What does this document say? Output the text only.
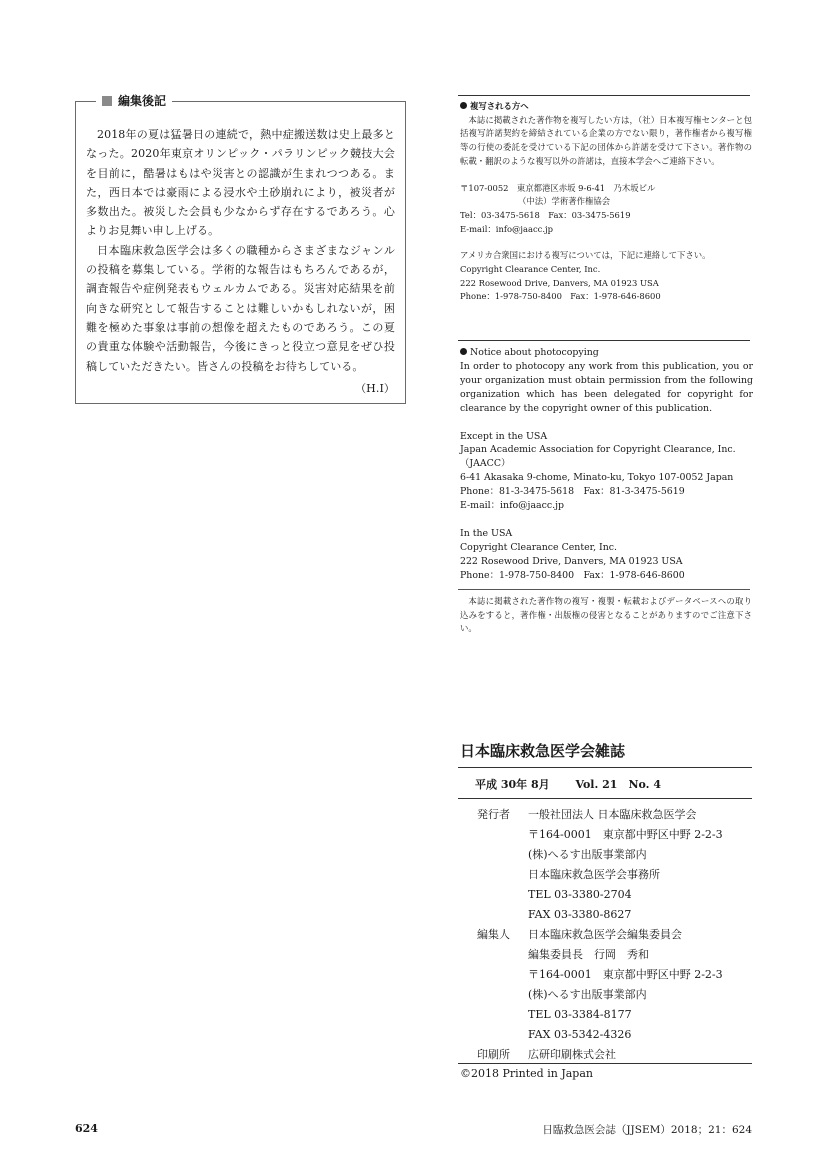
編集後記

2018年の夏は猛暑日の連続で，熱中症搬送数は史上最多となった。2020年東京オリンピック・パラリンピック競技大会を目前に，酷暑はもはや災害との認識が生まれつつある。また，西日本では豪雨による浸水や土砂崩れにより，被災者が多数出た。被災した会員も少なからず存在するであろう。心よりお見舞い申し上げる。

日本臨床救急医学会は多くの職種からさまざまなジャンルの投稿を募集している。学術的な報告はもちろんであるが，調査報告や症例発表もウェルカムである。災害対応結果を前向きな研究として報告することは難しいかもしれないが，困難を極めた事象は事前の想像を超えたものであろう。この夏の貴重な体験や活動報告，今後にきっと役立つ意見をぜひ投稿していただきたい。皆さんの投稿をお待ちしている。

（H.I）
複写される方へ
本誌に掲載された著作物を複写したい方は，（社）日本複写権センターと包括複写許諾契約を締結されている企業の方でない限り，著作権者から複写権等の行使の委託を受けている下記の団体から許諾を受けて下さい。著作物の転載・翻訳のような複写以外の許諾は，直接本学会へご連絡下さい。
〒107-0052　東京都港区赤坂 9-6-41　乃木坂ビル
（中法）学術著作権協会
Tel：03-3475-5618　Fax：03-3475-5619
E-mail：info@jaacc.jp
アメリカ合衆国における複写については，下記に連絡して下さい。
Copyright Clearance Center, Inc.
222 Rosewood Drive, Danvers, MA 01923 USA
Phone：1-978-750-8400　Fax：1-978-646-8600
Notice about photocopying
In order to photocopy any work from this publication, you or your organization must obtain permission from the following organization which has been delegated for copyright for clearance by the copyright owner of this publication.
Except in the USA
Japan Academic Association for Copyright Clearance, Inc.
（JAACC）
6-41 Akasaka 9-chome, Minato-ku, Tokyo 107-0052 Japan
Phone：81-3-3475-5618　Fax：81-3-3475-5619
E-mail：info@jaacc.jp
In the USA
Copyright Clearance Center, Inc.
222 Rosewood Drive, Danvers, MA 01923 USA
Phone：1-978-750-8400　Fax：1-978-646-8600
本誌に掲載された著作物の複写・複製・転載およびデータベースへの取り込みをすると，著作権・出版権の侵害となることがありますのでご注意下さい。
日本臨床救急医学会雑誌
平成 30年 8月　　 Vol. 21　No. 4
発行者	一般社団法人 日本臨床救急医学会
〒164-0001　東京都中野区中野 2-2-3
(株)へるす出版事業部内
日本臨床救急医学会事務所
TEL 03-3380-2704
FAX 03-3380-8627
編集人	日本臨床救急医学会編集委員会
編集委員長　行岡　秀和
〒164-0001　東京都中野区中野 2-2-3
(株)へるす出版事業部内
TEL 03-3384-8177
FAX 03-5342-4326
印刷所	広研印刷株式会社
©2018 Printed in Japan
624	日臨救急医会誌（JJSEM）2018；21：624
